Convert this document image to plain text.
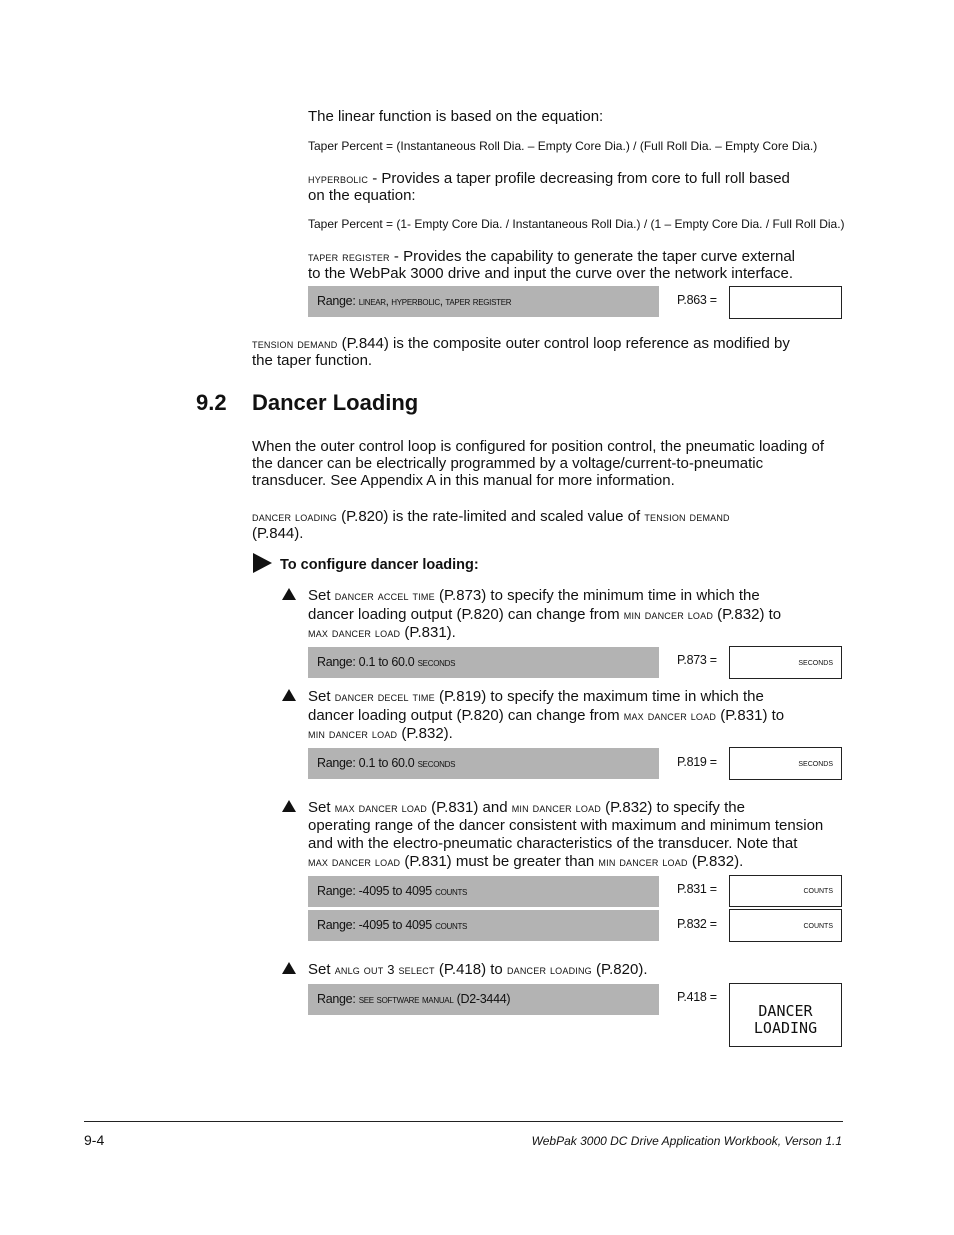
The linear function is based on the equation:
Taper Percent = (Instantaneous Roll Dia. – Empty Core Dia.) / (Full Roll Dia. – Empty Core Dia.)
hyperbolic - Provides a taper profile decreasing from core to full roll based
on the equation:
Taper Percent = (1- Empty Core Dia. / Instantaneous Roll Dia.) / (1 – Empty Core Dia. / Full Roll Dia.)
taper register - Provides the capability to generate the taper curve external
to the WebPak 3000 drive and input the curve over the network interface.
Range: linear, hyperbolic, taper register	P.863 =
tension demand (P.844) is the composite outer control loop reference as modified by
the taper function.
9.2 Dancer Loading
When the outer control loop is configured for position control, the pneumatic loading of
the dancer can be electrically programmed by a voltage/current-to-pneumatic
transducer. See Appendix A in this manual for more information.
dancer loading (P.820) is the rate-limited and scaled value of tension demand
(P.844).
To configure dancer loading:
Set dancer accel time (P.873) to specify the minimum time in which the
dancer loading output (P.820) can change from min dancer load (P.832) to
max dancer load (P.831).
Range: 0.1 to 60.0 seconds	P.873 =	seconds
Set dancer decel time (P.819) to specify the maximum time in which the
dancer loading output (P.820) can change from max dancer load (P.831) to
min dancer load (P.832).
Range: 0.1 to 60.0 seconds	P.819 =	seconds
Set max dancer load (P.831) and min dancer load (P.832) to specify the
operating range of the dancer consistent with maximum and minimum tension
and with the electro-pneumatic characteristics of the transducer. Note that
max dancer load (P.831) must be greater than min dancer load (P.832).
Range: -4095 to 4095 counts	P.831 =	counts
Range: -4095 to 4095 counts	P.832 =	counts
Set anlg out 3 select (P.418) to dancer loading (P.820).
Range: see software manual (D2-3444)	P.418 =
DANCER
LOADING
9-4	WebPak 3000 DC Drive Application Workbook, Verson 1.1
